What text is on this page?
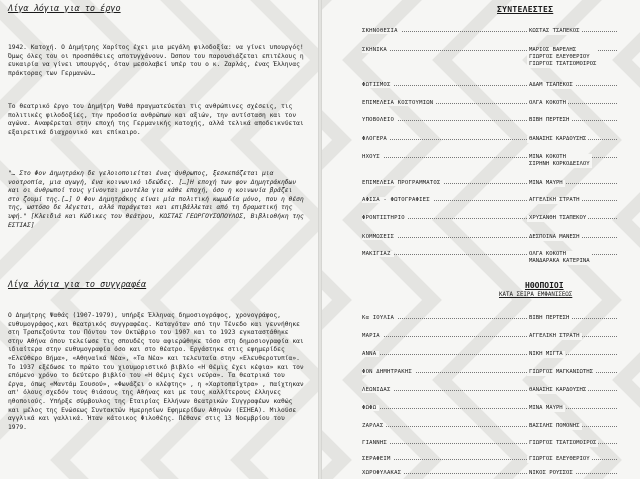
Λίγα λόγια για το έργο

1942. Κατοχή. Ο Δημήτρης Χαρίτος έχει μια μεγάλη φιλοδοξία: να γίνει υπουργός! Όμως όλες του οι προσπάθειες αποτυγχάνουν. Ώσπου του παρουσιάζεται επιτέλους η ευκαιρία να γίνει υπουργός, όταν μεσολαβεί υπέρ του ο κ. Ζαρλάς, ένας Έλληνας πράκτορας των Γερμανών…

Το θεατρικό έργο του Δημήτρη Ψαθά πραγματεύεται τις ανθρώπινες σχέσεις, τις πολιτικές φιλοδοξίες, την προδοσία ανθρώπων και αξιών, την αντίσταση και τον αγώνα. Αναφέρεται στην εποχή της Γερμανικής κατοχής, αλλά τελικά αποδεικνύεται εξαιρετικά διαχρονικό και επίκαιρο.

"… Στο Φον Δημητράκη δε γελοιοποιείται ένας άνθρωπος, ξεσκεπάζεται μια νοοτροπία, μια αγωγή, ένα κοινωνικό ιδεώδες. […]Η εποχή των φον Δημητράκηδων και οι άνθρωποί τους γίνονται μοντέλα για κάθε εποχή, όσο η κοινωνία βράζει στο ζουμί της.[…] Ο Φον Δημητράκης είναι μία πολιτική κωμωδία μόνο, που η θέση της, ωστόσο δε λέγεται, αλλά παράγεται και επιβάλλεται από τη δραματική της υφή." [Κλειδιά και Κώδικες του θεάτρου, ΚΩΣΤΑΣ ΓΕΩΡΓΟΥΣΟΠΟΥΛΟΣ, Βιβλιοθήκη της ΕΣΤΙΑΣ]

Λίγα λόγια για το συγγραφέα

Ο Δημήτρης Ψαθάς (1907-1979), υπήρξε Έλληνας δημοσιογράφος, χρονογράφος, ευθυμογράφος,και θεατρικός συγγραφέας. Καταγόταν από την Τένεδο και γεννήθηκε στη Τραπεζούντα του Πόντου τον Οκτώβριο του 1907 και το 1923 εγκαταστάθηκε στην Αθήνα όπου τελείωσε τις σπουδές του αφιερώθηκε τόσο στη δημοσιογραφία και ιδιαίτερα στην ευθυμογραφία όσο και στο θέατρο. Εργάστηκε στις εφημερίδες «Ελεύθερο Βήμα», «Αθηναϊκά Νέα», «Τα Νέα» και τελευταία στην «Ελευθεροτυπία». Το 1937 εξέδωσε το πρώτο του χιουμοριστικό βιβλίο «Η Θέμις έχει κέφια» και τον επόμενο χρόνο το δεύτερο βιβλίο του «Η Θέμις έχει νεύρα». Τα θεατρικά του έργα, όπως «Μαντάμ Σουσού», «Φωνάζει ο κλέφτης» , η «Χαρτοπαίχτρα» , παίχτηκαν απ' όλους σχεδόν τους θιάσους της Αθήνας και με τους καλλίτερους έλληνες ηθοποιούς. Υπήρξε σύμβουλος της Εταιρίας Ελλήνων Θεατρικών Συγγραφέων καθώς και μέλος της Ενώσεως Συντακτών Ημερησίων Εφημερίδων Αθηνών (ΕΣΗΕΑ). Μιλούσε αγγλικά και γαλλικά. Ήταν κάτοικος Φιλοθέης. Πέθανε στις 13 Νοεμβρίου του 1979.

ΣΥΝΤΕΛΕΣΤΕΣ
ΣΚΗΝΟΘΕΣΙΑ	ΚΩΣΤΑΣ ΤΣΑΠΕΚΟΣ
ΣΚΗΝΙΚΑ	ΜΑΡΙΟΣ ΒΑΡΕΛΗΣ
ΓΙΩΡΓΟΣ ΕΛΕΥΘΕΡΙΟΥ
ΓΙΩΡΓΟΣ ΤΣΑΤΣΟΜΟΙΡΟΣ
ΦΩΤΙΣΜΟΣ	ΑΔΑΜ ΤΣΑΠΕΚΟΣ
ΕΠΙΜΕΛΕΙΑ ΚΟΣΤΟΥΜΙΩΝ	ΟΛΓΑ ΚΟΚΟΤΗ
ΥΠΟΒΟΛΕΙΟ	ΒΙΒΗ ΠΕΡΤΕΣΗ
ΦΛΟΓΕΡΑ	ΘΑΝΑΣΗΣ ΚΑΡΔΟΥΣΗΣ
ΗΧΟΥΣ	ΜΙΝΑ ΚΟΚΟΤΗ
ΣΙΡΗΝΗ ΚΟΡΚΟΔΕΙΛΟΥ
ΕΠΙΜΕΛΕΙΑ ΠΡΟΓΡΑΜΜΑΤΟΣ	ΜΙΝΑ ΜΑΥΡΗ
ΑΦΙΣΑ - ΦΩΤΟΓΡΑΦΙΕΣ	ΑΓΓΕΛΙΚΗ ΣΤΡΑΤΗ
ΦΡΟΝΤΙΣΤΗΡΙΟ	ΧΡΥΣΑΝΘΗ ΤΣΑΠΕΚΟΥ
ΚΟΜΜΩΣΕΙΣ	ΔΕΣΠΟΙΝΑ ΜΑΝΕΣΗ
ΜΑΚΙΓΙΑΖ	ΟΛΓΑ ΚΟΚΟΤΗ
ΜΑΝΔΑΡΑΚΑ ΚΑΤΕΡΙΝΑ
ΗΘΟΠΟΙΟΙ
ΚΑΤΑ ΣΕΙΡΑ ΕΜΦΑΝΙΣΕΩΣ
Κα ΙΟΥΛΙΑ	ΒΙΒΗ ΠΕΡΤΕΣΗ
ΜΑΡΙΑ	ΑΓΓΕΛΙΚΗ ΣΤΡΑΤΗ
ΑΝΝΑ	ΝΙΚΗ ΜΙΓΤΑ
ΦΟΝ ΔΗΜΗΤΡΑΚΗΣ	ΓΙΩΡΓΟΣ ΜΑΓΚΑΝΙΩΤΗΣ
ΛΕΩΝΙΔΑΣ	ΘΑΝΑΣΗΣ ΚΑΡΔΟΥΣΗΣ
ΦΩΦΩ	ΜΙΝΑ ΜΑΥΡΗ
ΖΑΡΛΑΣ	ΒΑΣΙΛΗΣ ΠΟΜΟΝΗΣ
ΓΙΑΝΝΗΣ	ΓΙΩΡΓΟΣ ΤΣΑΤΣΟΜΟΙΡΟΣ
ΣΕΡΑΦΕΙΜ	ΓΙΩΡΓΟΣ ΕΛΕΥΘΕΡΙΟΥ
ΧΩΡΟΦΥΛΑΚΑΣ	ΝΙΚΟΣ ΡΟΥΣΣΟΣ
